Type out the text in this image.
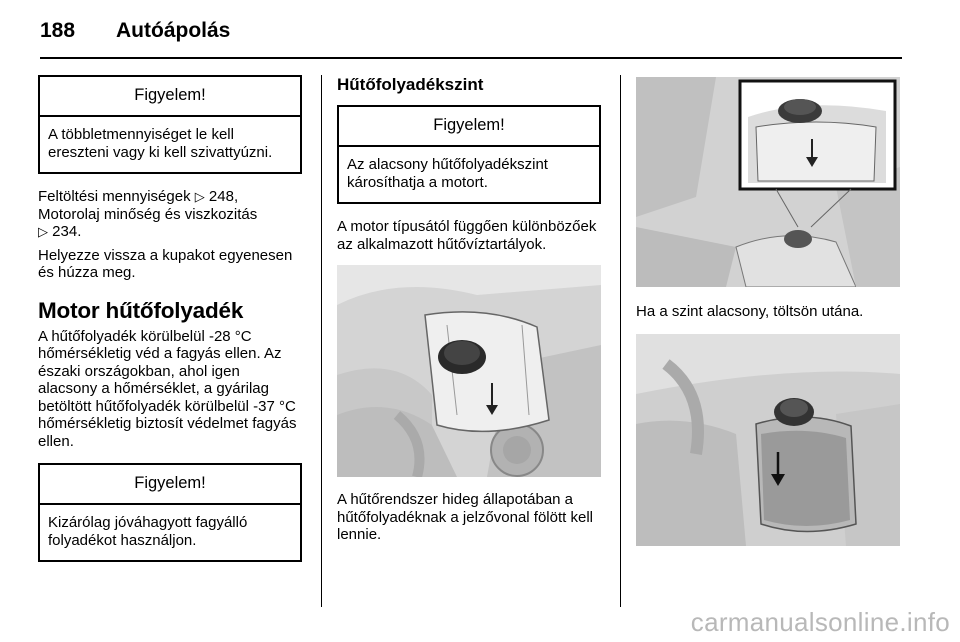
188 Autóápolás
Figyelem!
A többletmennyiséget le kell ereszteni vagy ki kell szivattyúzni.

Feltöltési mennyiségek ▷ 248,
Motorolaj minőség és viszkozitás
▷ 234.

Helyezze vissza a kupakot egyenesen és húzza meg.

Motor hűtőfolyadék

A hűtőfolyadék körülbelül -28 °C hőmérsékletig véd a fagyás ellen. Az északi országokban, ahol igen alacsony a hőmérséklet, a gyárilag betöltött hűtőfolyadék körülbelül -37 °C hőmérsékletig biztosít védelmet fagyás ellen.

Figyelem!
Kizárólag jóváhagyott fagyálló folyadékot használjon.
Hűtőfolyadékszint
Figyelem!
Az alacsony hűtőfolyadékszint károsíthatja a motort.

A motor típusától függően különbözőek az alkalmazott hűtővíztartályok.

A hűtőrendszer hideg állapotában a hűtőfolyadéknak a jelzővonal fölött kell lennie.

Ha a szint alacsony, töltsön utána.

carmanualsonline.info
